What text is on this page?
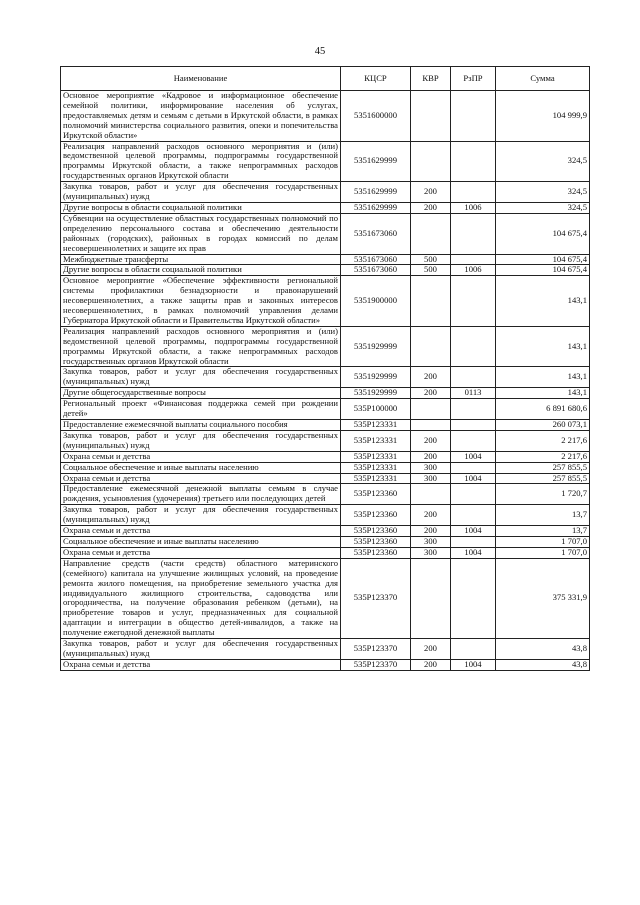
45
Наименование	КЦСР	КВР	РзПР	Сумма
Основное мероприятие «Кадровое и информационное обеспечение семейной политики, информирование населения об услугах, предоставляемых детям и семьям с детьми в Иркутской области, в рамках полномочий министерства социального развития, опеки и попечительства Иркутской области»	5351600000			104 999,9
Реализация направлений расходов основного мероприятия и (или) ведомственной целевой программы, подпрограммы государственной программы Иркутской области, а также непрограммных расходов государственных органов Иркутской области	5351629999			324,5
Закупка товаров, работ и услуг для обеспечения государственных (муниципальных) нужд	5351629999	200		324,5
Другие вопросы в области социальной политики	5351629999	200	1006	324,5
Субвенции на осуществление областных государственных полномочий по определению персонального состава и обеспечению деятельности районных (городских), районных в городах комиссий по делам несовершеннолетних и защите их прав	5351673060			104 675,4
Межбюджетные трансферты	5351673060	500		104 675,4
Другие вопросы в области социальной политики	5351673060	500	1006	104 675,4
Основное мероприятие «Обеспечение эффективности региональной системы профилактики безнадзорности и правонарушений несовершеннолетних, а также защиты прав и законных интересов несовершеннолетних, в рамках полномочий управления делами Губернатора Иркутской области и Правительства Иркутской области»	5351900000			143,1
Реализация направлений расходов основного мероприятия и (или) ведомственной целевой программы, подпрограммы государственной программы Иркутской области, а также непрограммных расходов государственных органов Иркутской области	5351929999			143,1
Закупка товаров, работ и услуг для обеспечения государственных (муниципальных) нужд	5351929999	200		143,1
Другие общегосударственные вопросы	5351929999	200	0113	143,1
Региональный проект «Финансовая поддержка семей при рождении детей»	535P100000			6 891 680,6
Предоставление ежемесячной выплаты социального пособия	535P123331			260 073,1
Закупка товаров, работ и услуг для обеспечения государственных (муниципальных) нужд	535P123331	200		2 217,6
Охрана семьи и детства	535P123331	200	1004	2 217,6
Социальное обеспечение и иные выплаты населению	535P123331	300		257 855,5
Охрана семьи и детства	535P123331	300	1004	257 855,5
Предоставление ежемесячной денежной выплаты семьям в случае рождения, усыновления (удочерения) третьего или последующих детей	535P123360			1 720,7
Закупка товаров, работ и услуг для обеспечения государственных (муниципальных) нужд	535P123360	200		13,7
Охрана семьи и детства	535P123360	200	1004	13,7
Социальное обеспечение и иные выплаты населению	535P123360	300		1 707,0
Охрана семьи и детства	535P123360	300	1004	1 707,0
Направление средств (части средств) областного материнского (семейного) капитала на улучшение жилищных условий, на проведение ремонта жилого помещения, на приобретение земельного участка для индивидуального жилищного строительства, садоводства или огородничества, на получение образования ребенком (детьми), на приобретение товаров и услуг, предназначенных для социальной адаптации и интеграции в общество детей-инвалидов, а также на получение ежегодной денежной выплаты	535P123370			375 331,9
Закупка товаров, работ и услуг для обеспечения государственных (муниципальных) нужд	535P123370	200		43,8
Охрана семьи и детства	535P123370	200	1004	43,8
